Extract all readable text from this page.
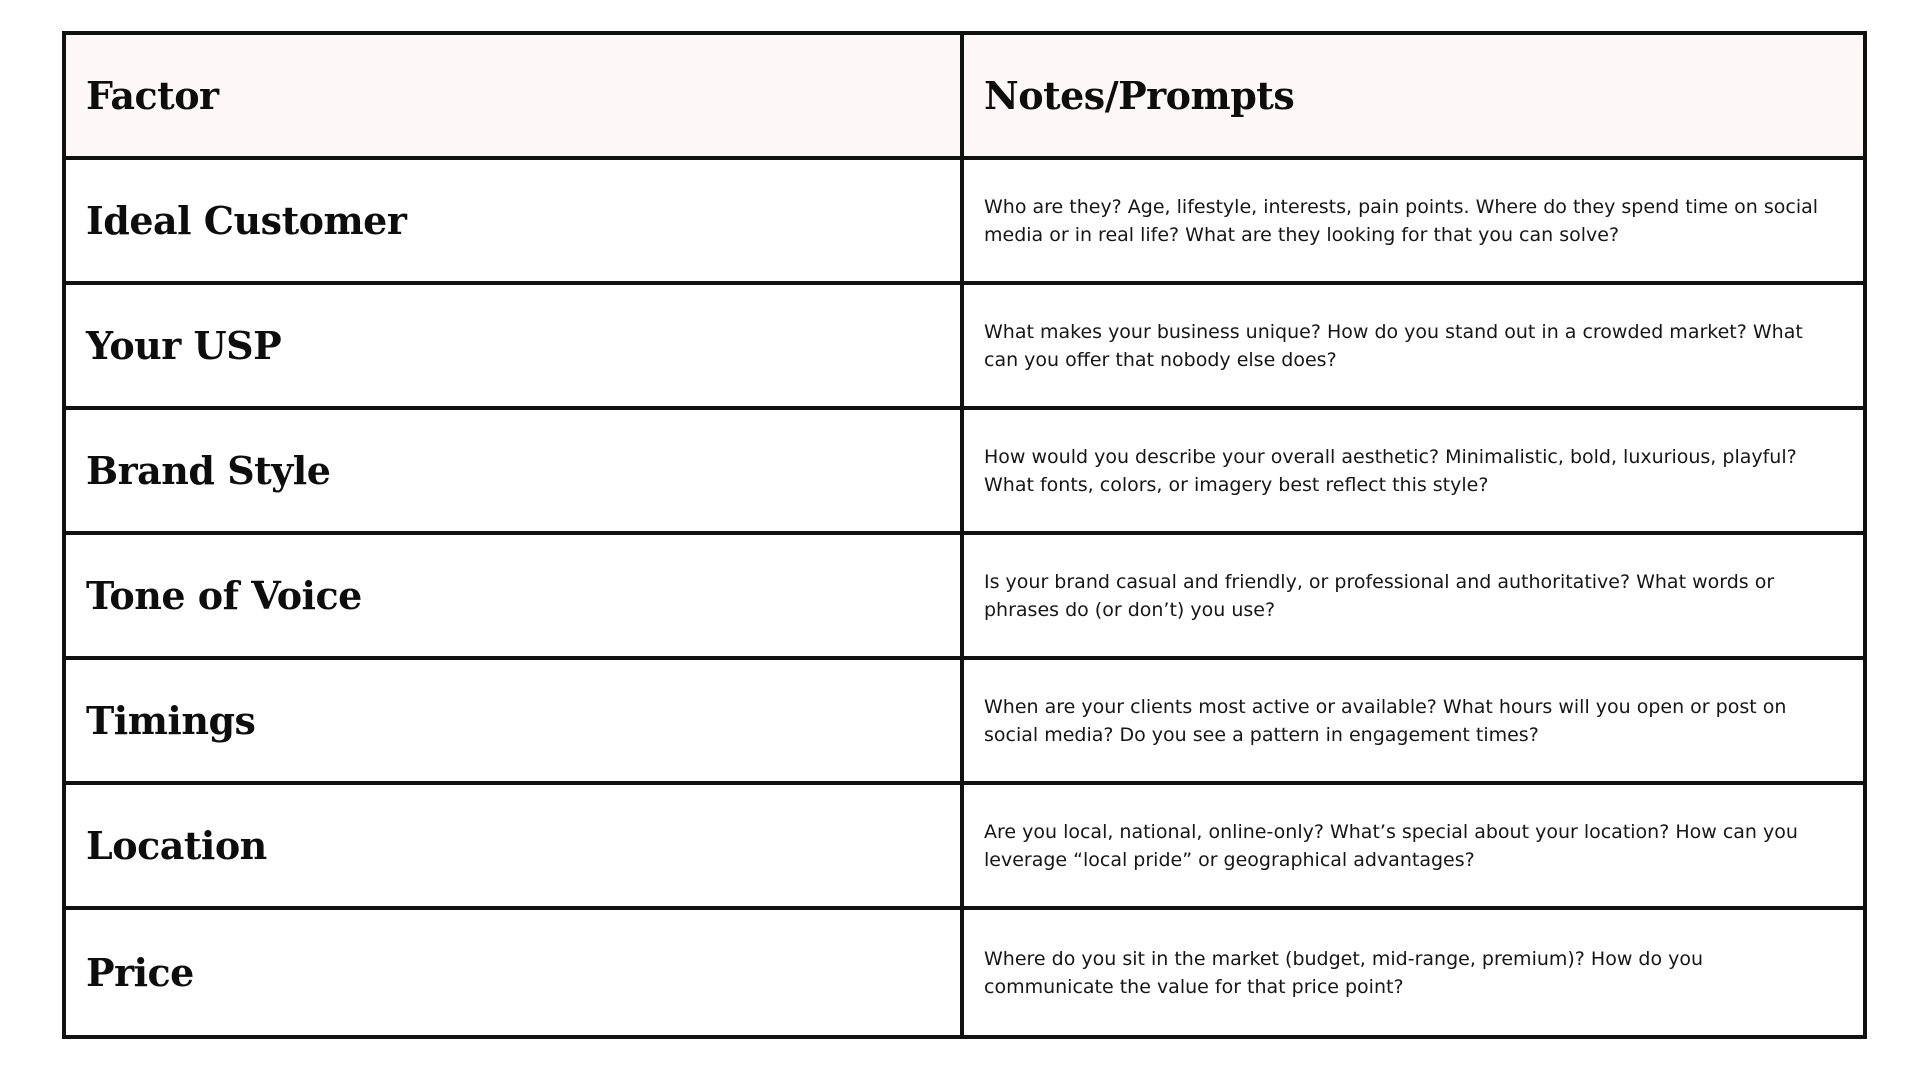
Factor	Notes/Prompts
Ideal Customer	Who are they? Age, lifestyle, interests, pain points. Where do they spend time on social media or in real life? What are they looking for that you can solve?
Your USP	What makes your business unique? How do you stand out in a crowded market? What can you offer that nobody else does?
Brand Style	How would you describe your overall aesthetic? Minimalistic, bold, luxurious, playful? What fonts, colors, or imagery best reflect this style?
Tone of Voice	Is your brand casual and friendly, or professional and authoritative? What words or phrases do (or don’t) you use?
Timings	When are your clients most active or available? What hours will you open or post on social media? Do you see a pattern in engagement times?
Location	Are you local, national, online-only? What’s special about your location? How can you leverage “local pride” or geographical advantages?
Price	Where do you sit in the market (budget, mid-range, premium)? How do you communicate the value for that price point?
